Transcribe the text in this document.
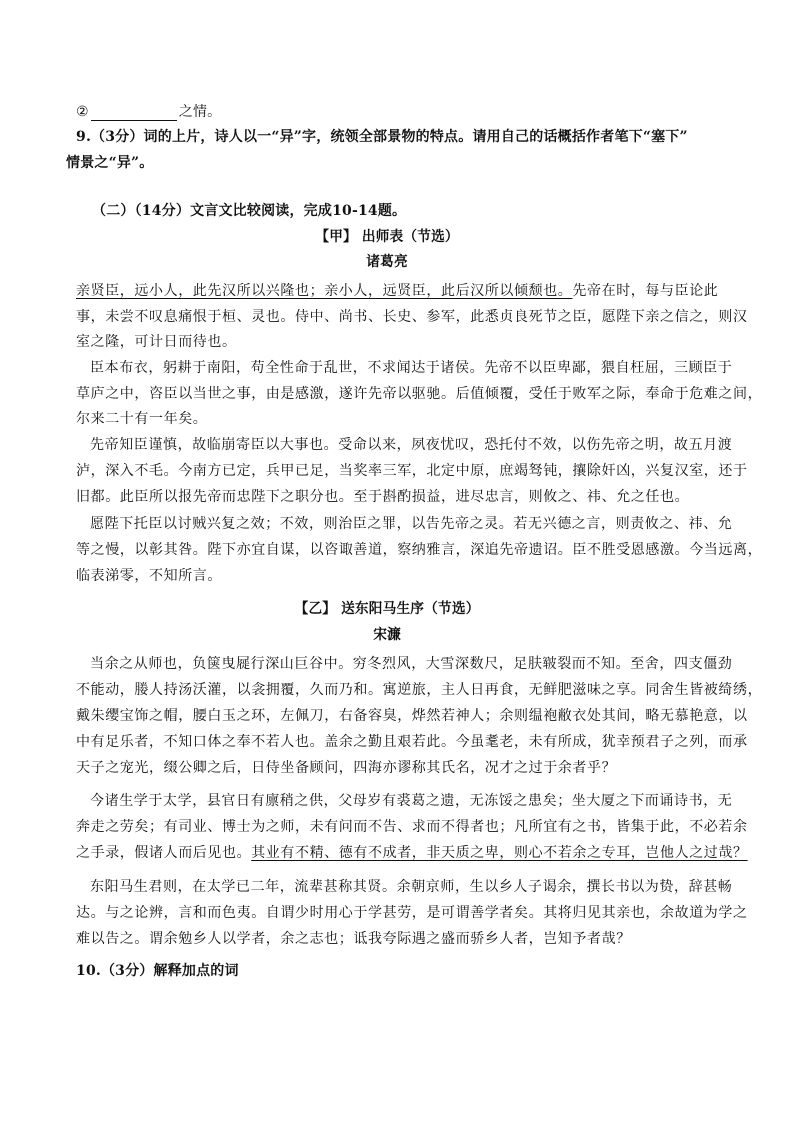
②	之情。
9.（3分）词的上片，诗人以一“异”字，统领全部景物的特点。请用自己的话概括作者笔下“塞下”
情景之“异”。
（二）（14分）文言文比较阅读，完成10-14题。
【甲】 出师表（节选）
诸葛亮
亲贤臣，远小人，此先汉所以兴隆也；亲小人，远贤臣，此后汉所以倾颓也。先帝在时，每与臣论此
事，未尝不叹息痛恨于桓、灵也。侍中、尚书、长史、参军，此悉贞良死节之臣，愿陛下亲之信之，则汉
室之隆，可计日而待也。
臣本布衣，躬耕于南阳，苟全性命于乱世，不求闻达于诸侯。先帝不以臣卑鄙，猥自枉屈，三顾臣于
草庐之中，咨臣以当世之事，由是感激，遂许先帝以驱驰。后值倾覆，受任于败军之际，奉命于危难之间，
尔来二十有一年矣。
先帝知臣谨慎，故临崩寄臣以大事也。受命以来，夙夜忧叹，恐托付不效，以伤先帝之明，故五月渡
泸，深入不毛。今南方已定，兵甲已足，当奖率三军，北定中原，庶竭驽钝，攘除奸凶，兴复汉室，还于
旧都。此臣所以报先帝而忠陛下之职分也。至于斟酌损益，进尽忠言，则攸之、祎、允之任也。
愿陛下托臣以讨贼兴复之效；不效，则治臣之罪，以告先帝之灵。若无兴德之言，则责攸之、祎、允
等之慢，以彰其咎。陛下亦宜自谋，以咨诹善道，察纳雅言，深追先帝遗诏。臣不胜受恩感激。今当远离，
临表涕零，不知所言。
【乙】 送东阳马生序（节选）
宋濂
当余之从师也，负箧曳屣行深山巨谷中。穷冬烈风，大雪深数尺，足肤皲裂而不知。至舍，四支僵劲
不能动，媵人持汤沃灌，以衾拥覆，久而乃和。寓逆旅，主人日再食，无鲜肥滋味之享。同舍生皆被绮绣，
戴朱缨宝饰之帽，腰白玉之环，左佩刀，右备容臭，烨然若神人；余则缊袍敝衣处其间，略无慕艳意，以
中有足乐者，不知口体之奉不若人也。盖余之勤且艰若此。今虽耄老，未有所成，犹幸预君子之列，而承
天子之宠光，缀公卿之后，日侍坐备顾问，四海亦谬称其氏名，况才之过于余者乎？
今诸生学于太学，县官日有廪稍之供，父母岁有裘葛之遗，无冻馁之患矣；坐大厦之下而诵诗书，无
奔走之劳矣；有司业、博士为之师，未有问而不告、求而不得者也；凡所宜有之书，皆集于此，不必若余
之手录，假诸人而后见也。其业有不精、德有不成者，非天质之卑，则心不若余之专耳，岂他人之过哉？
东阳马生君则，在太学已二年，流辈甚称其贤。余朝京师，生以乡人子谒余，撰长书以为贽，辞甚畅
达。与之论辨，言和而色夷。自谓少时用心于学甚劳，是可谓善学者矣。其将归见其亲也，余故道为学之
难以告之。谓余勉乡人以学者，余之志也；诋我夸际遇之盛而骄乡人者，岂知予者哉？
10.（3分）解释加点的词
